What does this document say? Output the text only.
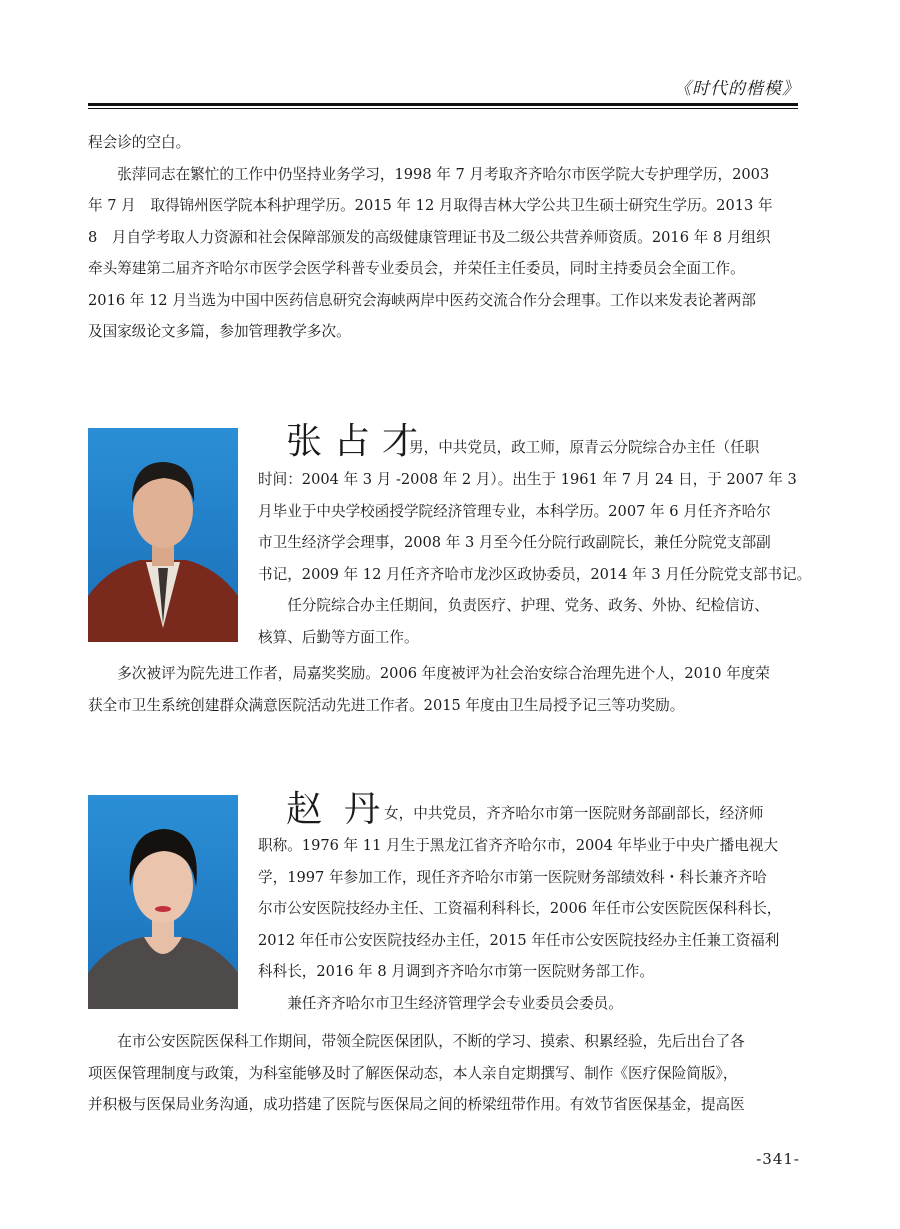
《时代的楷模》
程会诊的空白。
　　张萍同志在繁忙的工作中仍坚持业务学习，1998 年 7 月考取齐齐哈尔市医学院大专护理学历，2003
年 7 月　取得锦州医学院本科护理学历。2015 年 12 月取得吉林大学公共卫生硕士研究生学历。2013 年
8　月自学考取人力资源和社会保障部颁发的高级健康管理证书及二级公共营养师资质。2016 年 8 月组织
牵头筹建第二届齐齐哈尔市医学会医学科普专业委员会，并荣任主任委员，同时主持委员会全面工作。
2016 年 12 月当选为中国中医药信息研究会海峡两岸中医药交流合作分会理事。工作以来发表论著两部
及国家级论文多篇，参加管理教学多次。
张占才
男，中共党员，政工师，原青云分院综合办主任（任职
时间：2004 年 3 月 -2008 年 2 月）。出生于 1961 年 7 月 24 日，于 2007 年 3
月毕业于中央学校函授学院经济管理专业，本科学历。2007 年 6 月任齐齐哈尔
市卫生经济学会理事，2008 年 3 月至今任分院行政副院长，兼任分院党支部副
书记，2009 年 12 月任齐齐哈市龙沙区政协委员，2014 年 3 月任分院党支部书记。
　　任分院综合办主任期间，负责医疗、护理、党务、政务、外协、纪检信访、
核算、后勤等方面工作。
　　多次被评为院先进工作者，局嘉奖奖励。2006 年度被评为社会治安综合治理先进个人，2010 年度荣
获全市卫生系统创建群众满意医院活动先进工作者。2015 年度由卫生局授予记三等功奖励。
赵丹
女，中共党员，齐齐哈尔市第一医院财务部副部长，经济师
职称。1976 年 11 月生于黑龙江省齐齐哈尔市，2004 年毕业于中央广播电视大
学，1997 年参加工作，现任齐齐哈尔市第一医院财务部绩效科・科长兼齐齐哈
尔市公安医院技经办主任、工资福利科科长，2006 年任市公安医院医保科科长，
2012 年任市公安医院技经办主任，2015 年任市公安医院技经办主任兼工资福利
科科长，2016 年 8 月调到齐齐哈尔市第一医院财务部工作。
　　兼任齐齐哈尔市卫生经济管理学会专业委员会委员。
　　在市公安医院医保科工作期间，带领全院医保团队，不断的学习、摸索、积累经验，先后出台了各
项医保管理制度与政策，为科室能够及时了解医保动态，本人亲自定期撰写、制作《医疗保险简版》，
并积极与医保局业务沟通，成功搭建了医院与医保局之间的桥梁纽带作用。有效节省医保基金，提高医
-341-
